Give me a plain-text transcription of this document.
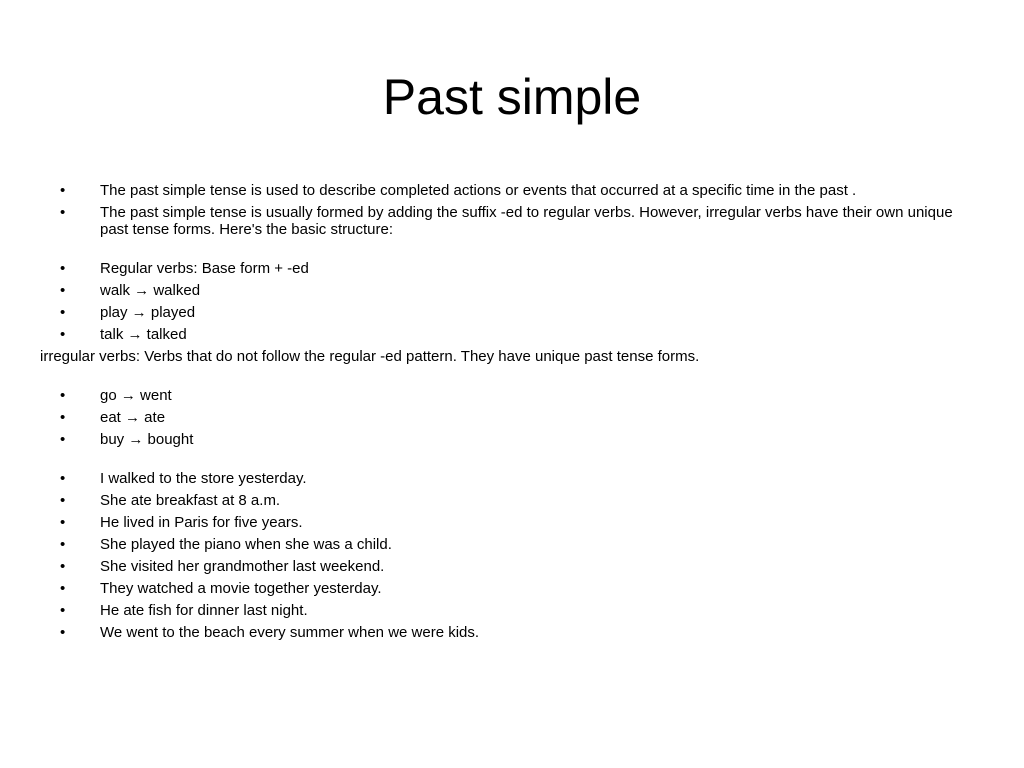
Past simple
•	The past simple tense is used to describe completed actions or events that occurred at a specific time in the past .
•	The past simple tense is usually formed by adding the suffix -ed to regular verbs. However, irregular verbs have their own unique past tense forms. Here's the basic structure:
•	Regular verbs: Base form + -ed
•	walk → walked
•	play → played
•	talk → talked
irregular verbs: Verbs that do not follow the regular -ed pattern. They have unique past tense forms.
•	go → went
•	eat → ate
•	buy → bought
•	I walked to the store yesterday.
•	She ate breakfast at 8 a.m.
•	He lived in Paris for five years.
•	She played the piano when she was a child.
•	She visited her grandmother last weekend.
•	They watched a movie together yesterday.
•	He ate fish for dinner last night.
•	We went to the beach every summer when we were kids.
